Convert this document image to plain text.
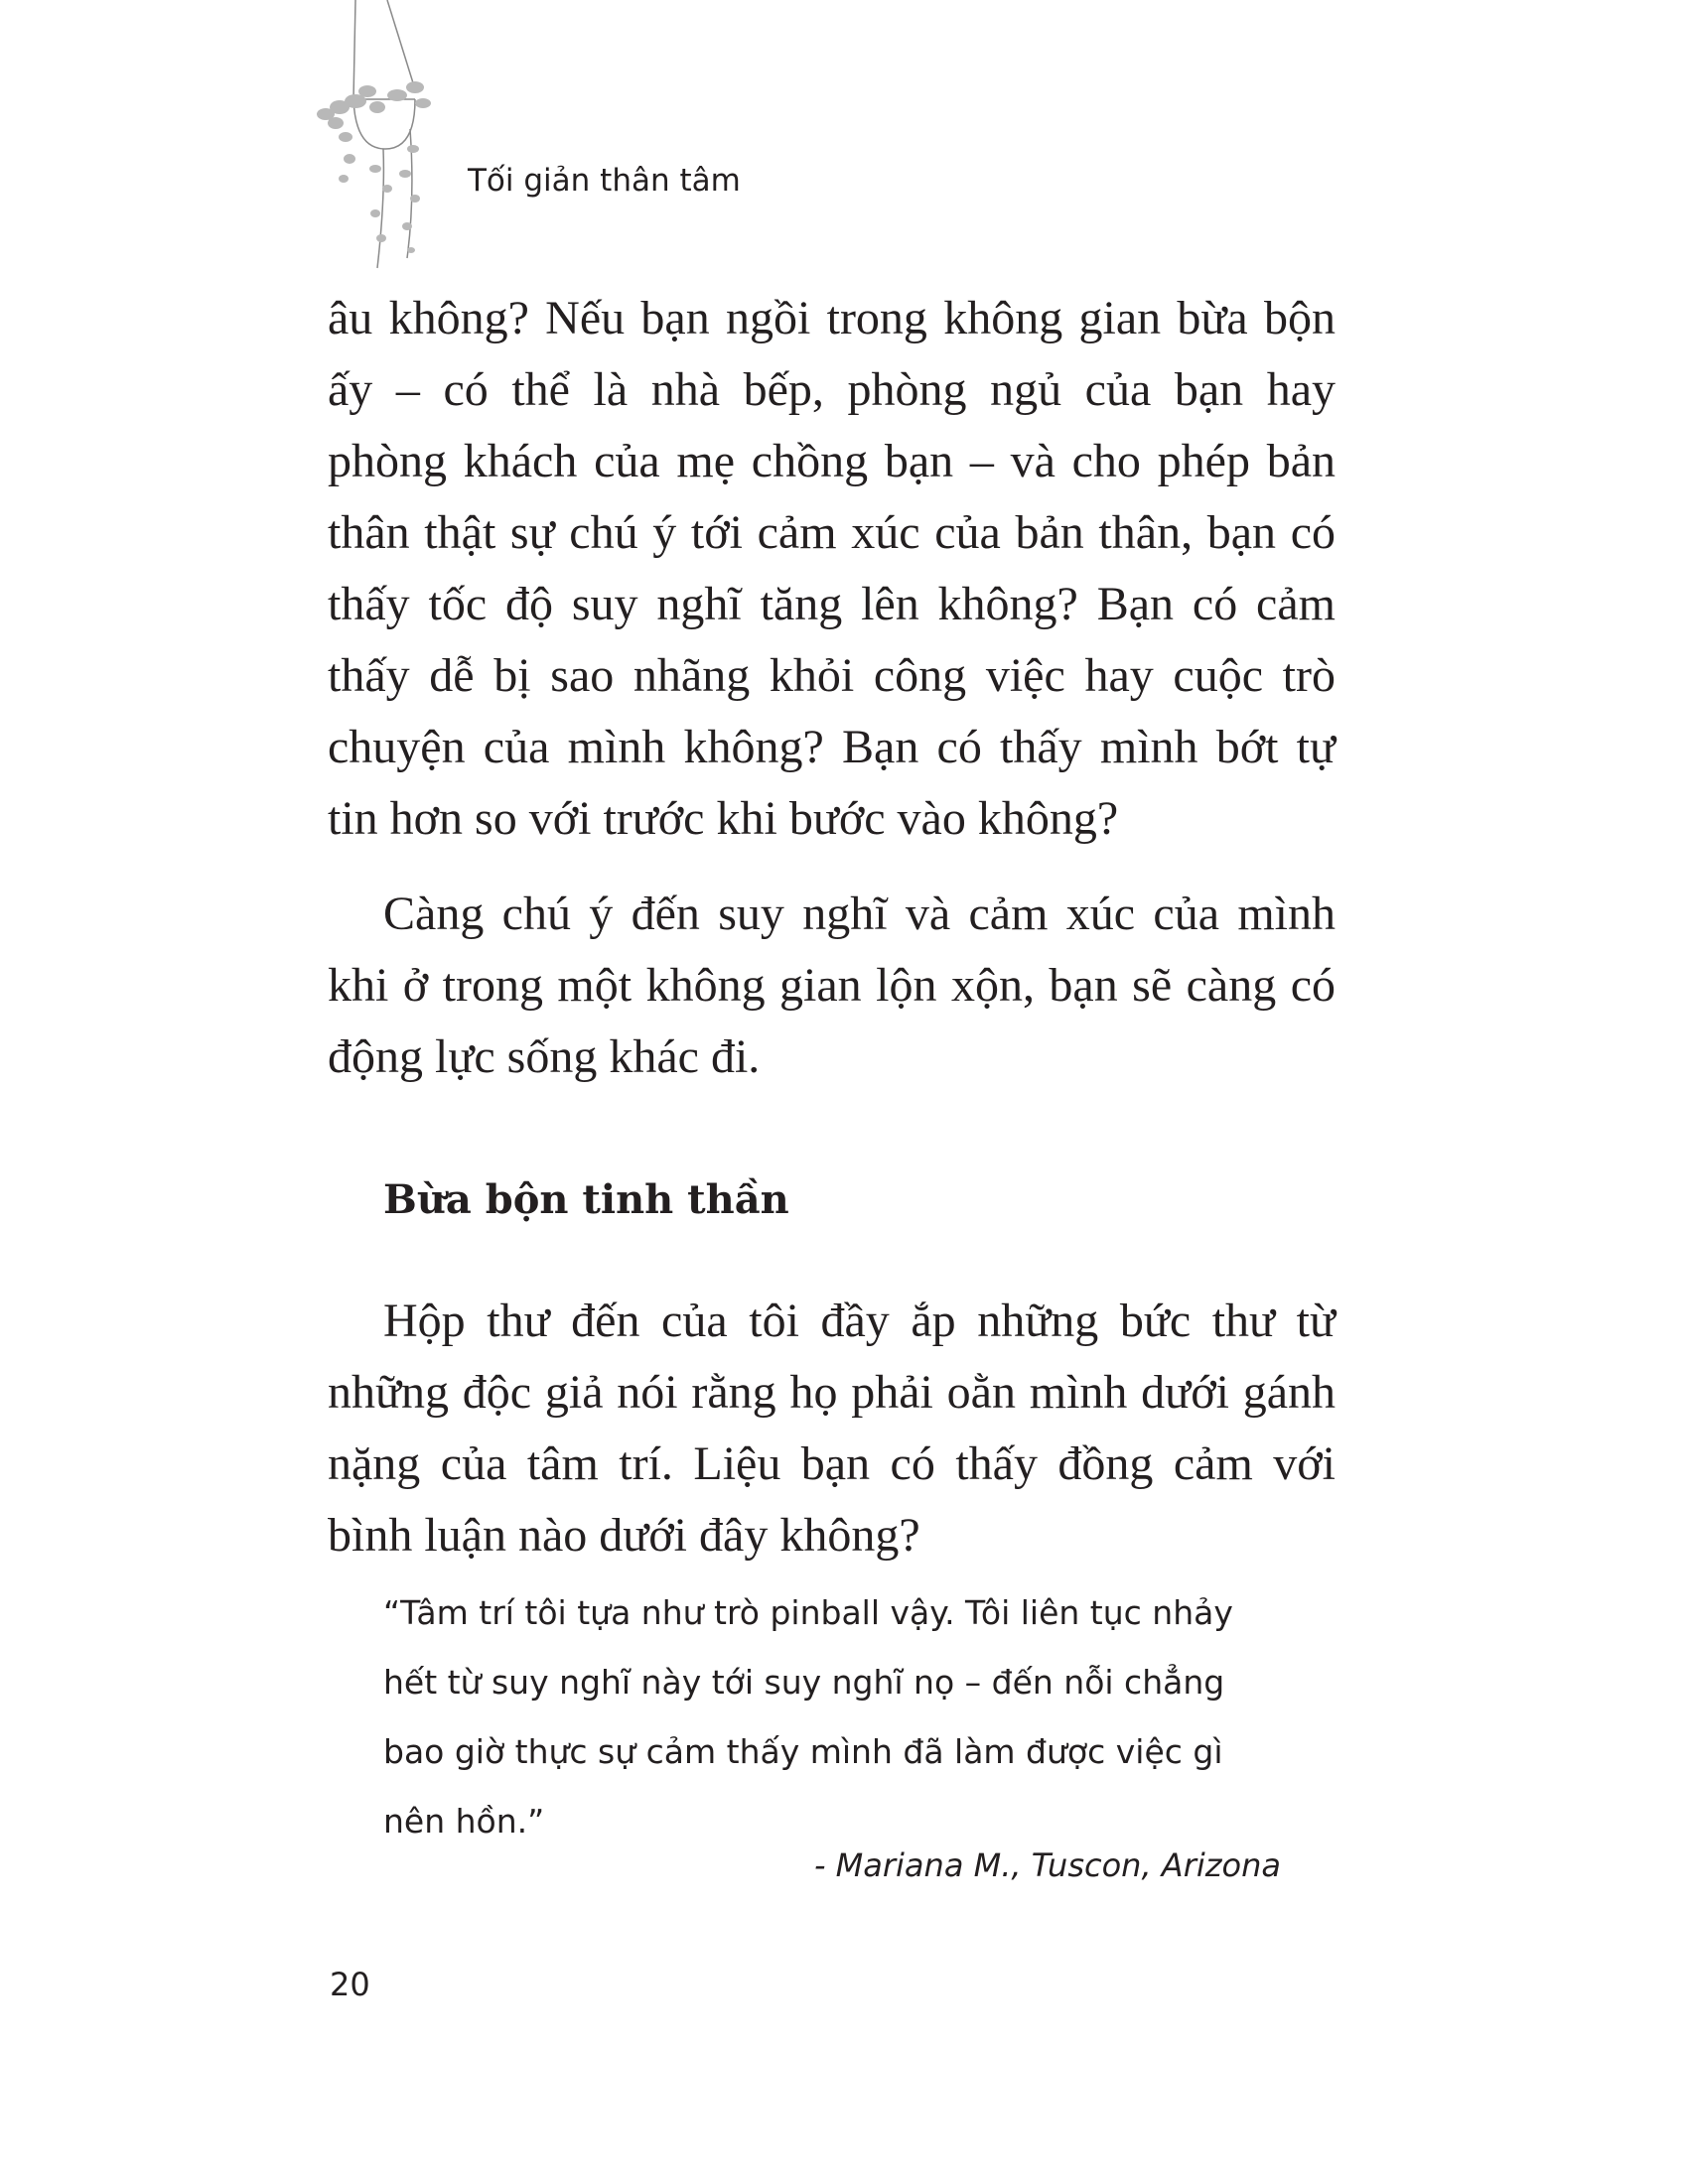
Tối giản thân tâm

âu không? Nếu bạn ngồi trong không gian bừa bộn ấy – có thể là nhà bếp, phòng ngủ của bạn hay phòng khách của mẹ chồng bạn – và cho phép bản thân thật sự chú ý tới cảm xúc của bản thân, bạn có thấy tốc độ suy nghĩ tăng lên không? Bạn có cảm thấy dễ bị sao nhãng khỏi công việc hay cuộc trò chuyện của mình không? Bạn có thấy mình bớt tự tin hơn so với trước khi bước vào không?

Càng chú ý đến suy nghĩ và cảm xúc của mình khi ở trong một không gian lộn xộn, bạn sẽ càng có động lực sống khác đi.

Bừa bộn tinh thần

Hộp thư đến của tôi đầy ắp những bức thư từ những độc giả nói rằng họ phải oằn mình dưới gánh nặng của tâm trí. Liệu bạn có thấy đồng cảm với bình luận nào dưới đây không?

“Tâm trí tôi tựa như trò pinball vậy. Tôi liên tục nhảy hết từ suy nghĩ này tới suy nghĩ nọ – đến nỗi chẳng bao giờ thực sự cảm thấy mình đã làm được việc gì nên hồn.”
- Mariana M., Tuscon, Arizona
20
